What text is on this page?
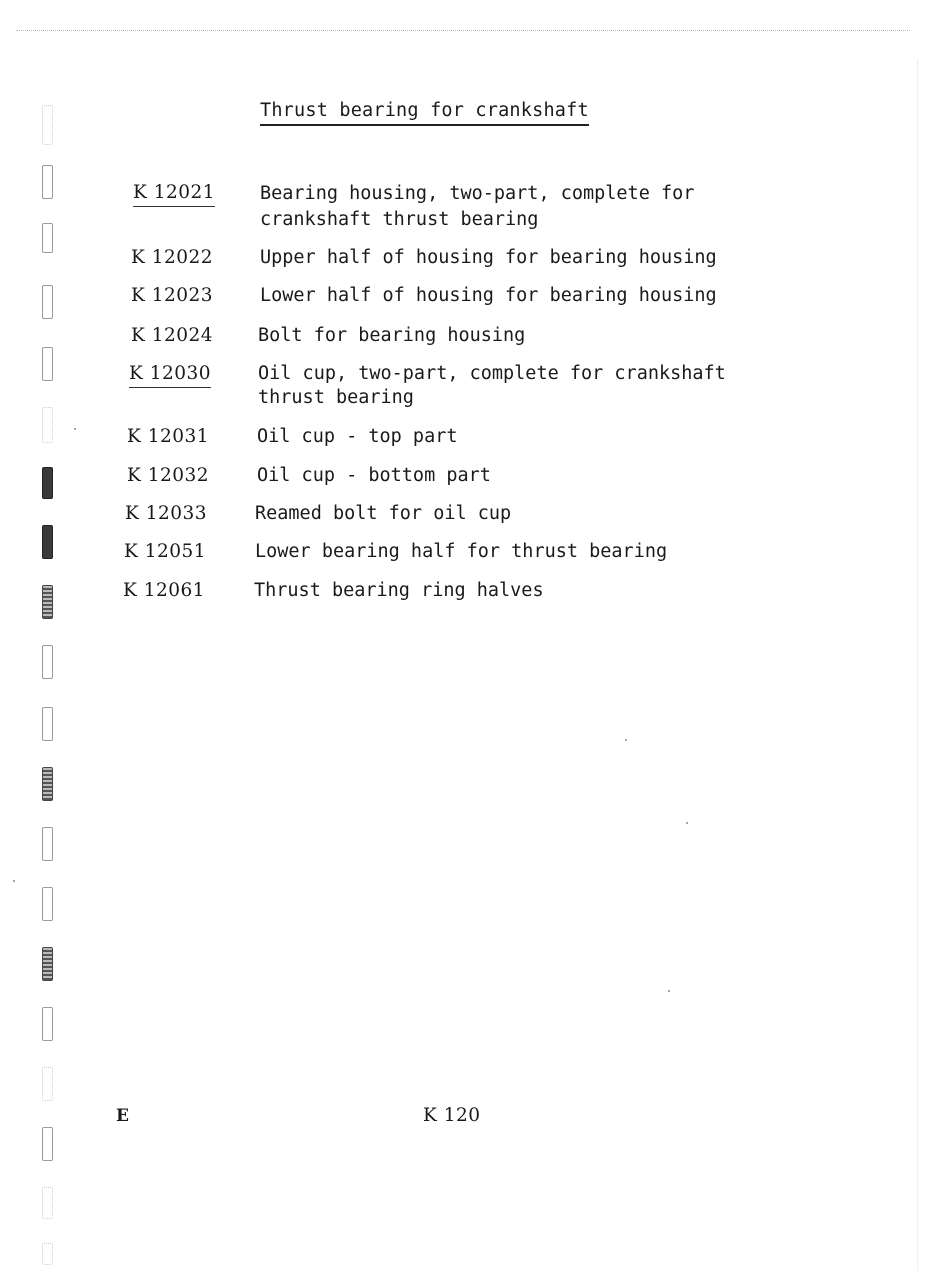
Thrust bearing for crankshaft
K 12021 Bearing housing, two-part, complete for
crankshaft thrust bearing
K 12022	Upper half of housing for bearing housing
K 12023	Lower half of housing for bearing housing
K 12024 Bolt for bearing housing
K 12030	Oil cup, two-part, complete for crankshaft
thrust bearing
K 12031	Oil cup - top part
K 12032	Oil cup - bottom part
K 12033	Reamed bolt for oil cup
K 12051	Lower bearing half for thrust bearing
K 12061	Thrust bearing ring halves
E	K 120
